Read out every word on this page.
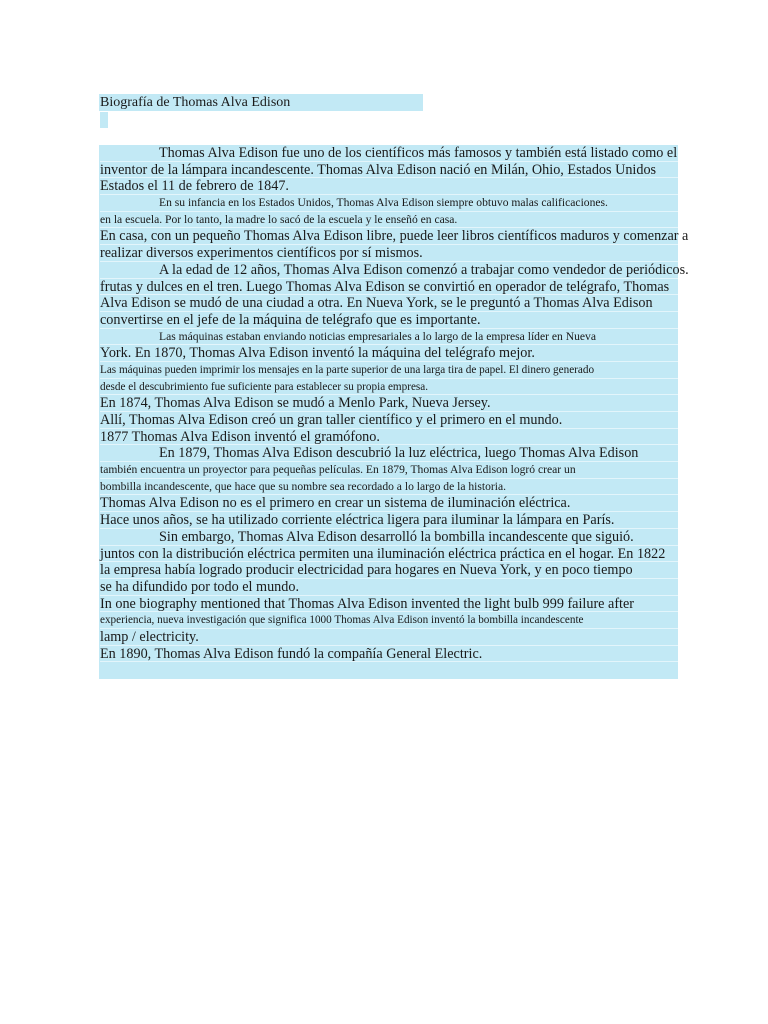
Biografía de Thomas Alva Edison
Thomas Alva Edison fue uno de los científicos más famosos y también está listado como el
inventor de la lámpara incandescente. Thomas Alva Edison nació en Milán, Ohio, Estados Unidos
Estados el 11 de febrero de 1847.
En su infancia en los Estados Unidos, Thomas Alva Edison siempre obtuvo malas calificaciones.
en la escuela. Por lo tanto, la madre lo sacó de la escuela y le enseñó en casa.
En casa, con un pequeño Thomas Alva Edison libre, puede leer libros científicos maduros y comenzar a
realizar diversos experimentos científicos por sí mismos.
A la edad de 12 años, Thomas Alva Edison comenzó a trabajar como vendedor de periódicos.
frutas y dulces en el tren. Luego Thomas Alva Edison se convirtió en operador de telégrafo, Thomas
Alva Edison se mudó de una ciudad a otra. En Nueva York, se le preguntó a Thomas Alva Edison
convertirse en el jefe de la máquina de telégrafo que es importante.
Las máquinas estaban enviando noticias empresariales a lo largo de la empresa líder en Nueva
York. En 1870, Thomas Alva Edison inventó la máquina del telégrafo mejor.
Las máquinas pueden imprimir los mensajes en la parte superior de una larga tira de papel. El dinero generado
desde el descubrimiento fue suficiente para establecer su propia empresa.
En 1874, Thomas Alva Edison se mudó a Menlo Park, Nueva Jersey.
Allí, Thomas Alva Edison creó un gran taller científico y el primero en el mundo.
1877 Thomas Alva Edison inventó el gramófono.
En 1879, Thomas Alva Edison descubrió la luz eléctrica, luego Thomas Alva Edison
también encuentra un proyector para pequeñas películas. En 1879, Thomas Alva Edison logró crear un
bombilla incandescente, que hace que su nombre sea recordado a lo largo de la historia.
Thomas Alva Edison no es el primero en crear un sistema de iluminación eléctrica.
Hace unos años, se ha utilizado corriente eléctrica ligera para iluminar la lámpara en París.
Sin embargo, Thomas Alva Edison desarrolló la bombilla incandescente que siguió.
juntos con la distribución eléctrica permiten una iluminación eléctrica práctica en el hogar. En 1822
la empresa había logrado producir electricidad para hogares en Nueva York, y en poco tiempo
se ha difundido por todo el mundo.
In one biography mentioned that Thomas Alva Edison invented the light bulb 999 failure after
experiencia, nueva investigación que significa 1000 Thomas Alva Edison inventó la bombilla incandescente
lamp / electricity.
En 1890, Thomas Alva Edison fundó la compañía General Electric.
